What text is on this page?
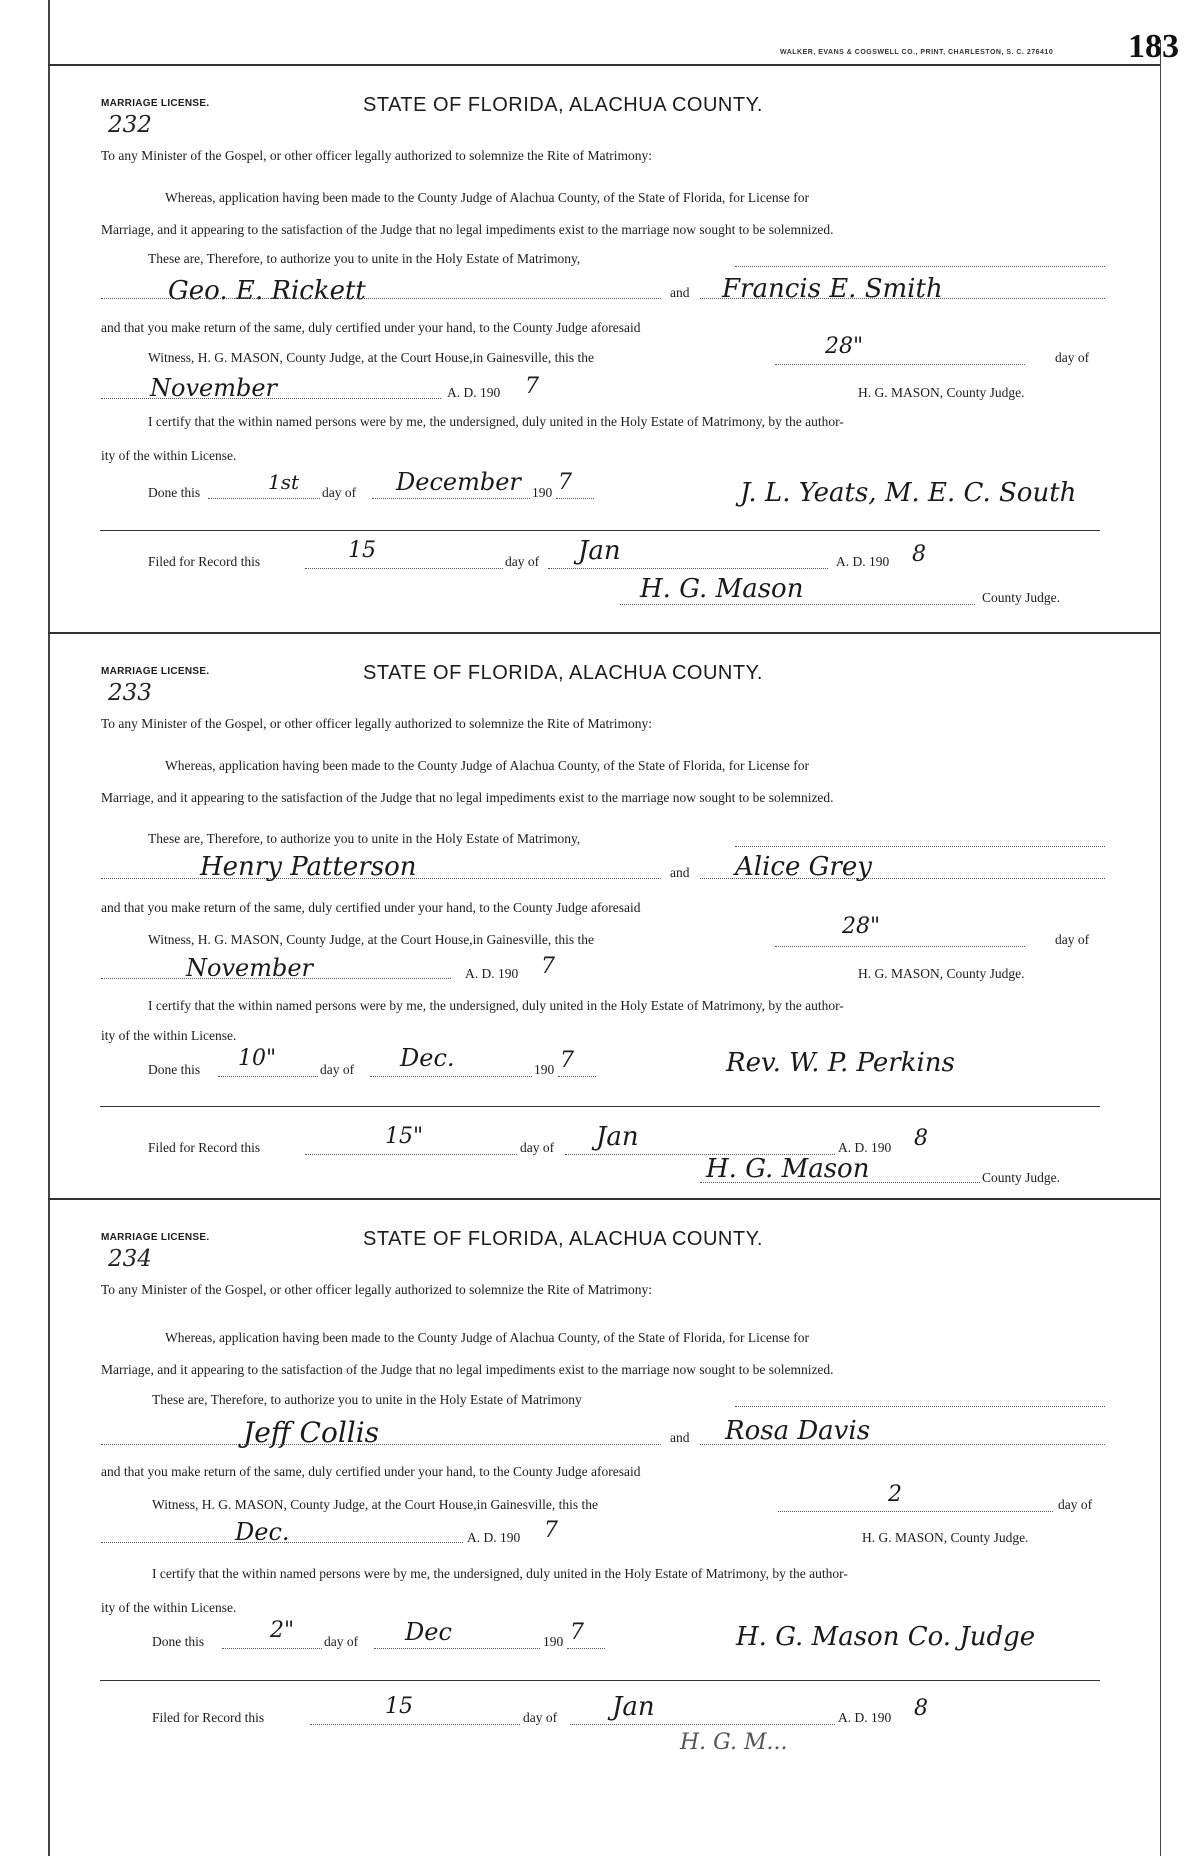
WALKER, EVANS & COGSWELL CO., PRINT, CHARLESTON, S. C. 276410 183
MARRIAGE LICENSE.
232
STATE OF FLORIDA, ALACHUA COUNTY.
To any Minister of the Gospel, or other officer legally authorized to solemnize the Rite of Matrimony:
Whereas, application having been made to the County Judge of Alachua County, of the State of Florida, for License for
Marriage, and it appearing to the satisfaction of the Judge that no legal impediments exist to the marriage now sought to be solemnized.
These are, Therefore, to authorize you to unite in the Holy Estate of Matrimony,
Geo. E. Rickett	and Francis E. Smith
and that you make return of the same, duly certified under your hand, to the County Judge aforesaid
Witness, H. G. MASON, County Judge, at the Court House,in Gainesville, this the	28"	day of
November	A. D. 190 7	H. G. MASON, County Judge.
I certify that the within named persons were by me, the undersigned, duly united in the Holy Estate of Matrimony, by the author-
ity of the within License.
Done this	1st day of December 190 7	J. L. Yeats, M. E. C. South
Filed for Record this	15	day of Jan	A. D. 190 8
H. G. Mason	County Judge.
MARRIAGE LICENSE.
233
STATE OF FLORIDA, ALACHUA COUNTY.
To any Minister of the Gospel, or other officer legally authorized to solemnize the Rite of Matrimony:
Whereas, application having been made to the County Judge of Alachua County, of the State of Florida, for License for
Marriage, and it appearing to the satisfaction of the Judge that no legal impediments exist to the marriage now sought to be solemnized.
These are, Therefore, to authorize you to unite in the Holy Estate of Matrimony,
Henry Patterson	and Alice Grey
and that you make return of the same, duly certified under your hand, to the County Judge aforesaid
Witness, H. G. MASON, County Judge, at the Court House,in Gainesville, this the
28"
day of
November	A. D. 190 7	H. G. MASON, County Judge.
I certify that the within named persons were by me, the undersigned, duly united in the Holy Estate of Matrimony, by the author-
ity of the within License.
Done this 10"	day of Dec.	190 7	Rev. W. P. Perkins
Filed for Record this	15"	day of Jan	A. D. 190 8
H. G. Mason	County Judge.
MARRIAGE LICENSE.
234
STATE OF FLORIDA, ALACHUA COUNTY.
To any Minister of the Gospel, or other officer legally authorized to solemnize the Rite of Matrimony:
Whereas, application having been made to the County Judge of Alachua County, of the State of Florida, for License for
Marriage, and it appearing to the satisfaction of the Judge that no legal impediments exist to the marriage now sought to be solemnized.
These are, Therefore, to authorize you to unite in the Holy Estate of Matrimony
Jeff Collis	and Rosa Davis
and that you make return of the same, duly certified under your hand, to the County Judge aforesaid
Witness, H. G. MASON, County Judge, at the Court House,in Gainesville, this the	2	day of
Dec.	A. D. 190 7	H. G. MASON, County Judge.
I certify that the within named persons were by me, the undersigned, duly united in the Holy Estate of Matrimony, by the author-
ity of the within License.
Done this	2" day of Dec	190 7	H. G. Mason Co. Judge
Filed for Record this	15	day of Jan	A. D. 190 8
H. G. M...
